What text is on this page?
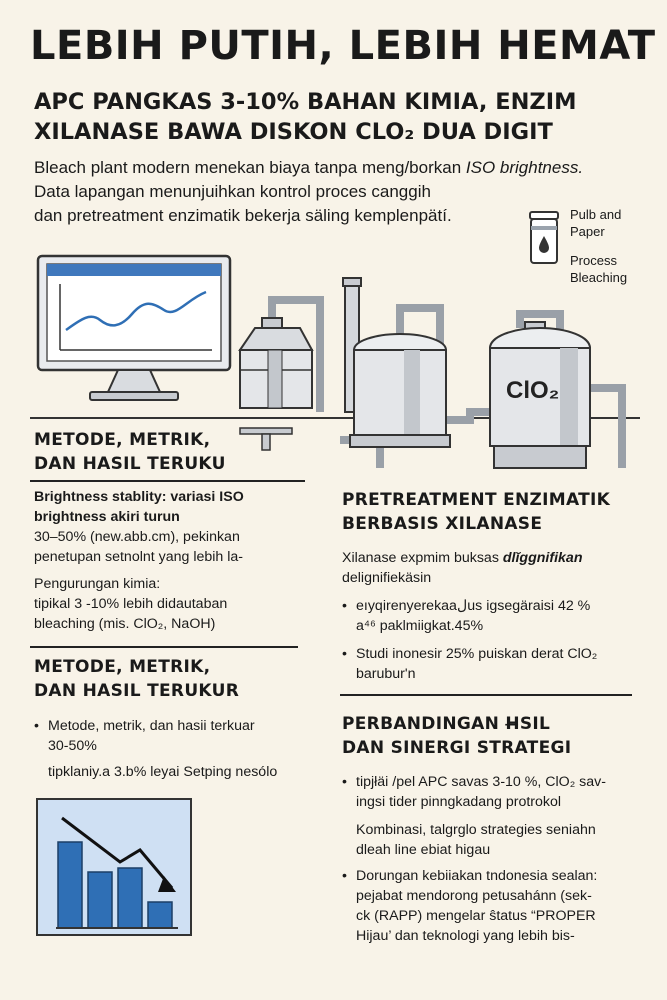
LEBIH PUTIH, LEBIH HEMAT
APC PANGKAS 3-10% BAHAN KIMIA, ENZIM
XILANASE BAWA DISKON CLO₂ DUA DIGIT
Bleach plant modern menekan biaya tanpa meng/borkan ISO brightness.
Data lapangan menunjuihkan kontrol proces canggih
dan pretreatment enzimatik bekerja säling kemplenpätí.	Pulb and Paper
Process Bleaching
ClO₂
METODE, METRIK,
DAN HASIL TERUKU
Brightness stablity: variasi ISO
brightness akiri turun
30–50% (new.abb.cm), pekinkan
penetupan setnolnt yang lebih la-
Pengurungan kimia:
tipikal 3 -10% lebih didautaban
bleaching (mis. ClO₂, NaOH)
METODE, METRIK,
DAN HASIL TERUKUR
• Metode, metrik, dan hasii terkuar
30-50%
tipklaniy.a 3.b% leyai Setping nesólo
PRETREATMENT ENZIMATIK
BERBASIS XILANASE
Xilanase expmim buksas dlĭggnifikan
delignifiekäsin
• eıyqirenyerekaaلus igsegäraisi 42 %
a⁴⁶ paklmiigkat.45%
• Studi inonesir 25% puiskan derat ClO₂
barubur'n
PERBANDINGAN H̶SIL
DAN SINERGI STRATEGI
• tipjłäi /pel APC savas 3-10 %, ClO₂ sav-
ingsi tider pinngkadang protrokol
Kombinasi, talgrglo strategies seniahn
dleah line ebiat higau
• Dorungan kebiiakan tndonesia sealan:
pejabat mendorong petusahánn (sek-
ck (RAPP) mengelar ŝtatus “PROPER
Hijau’ dan teknologi yang lebih bis-
